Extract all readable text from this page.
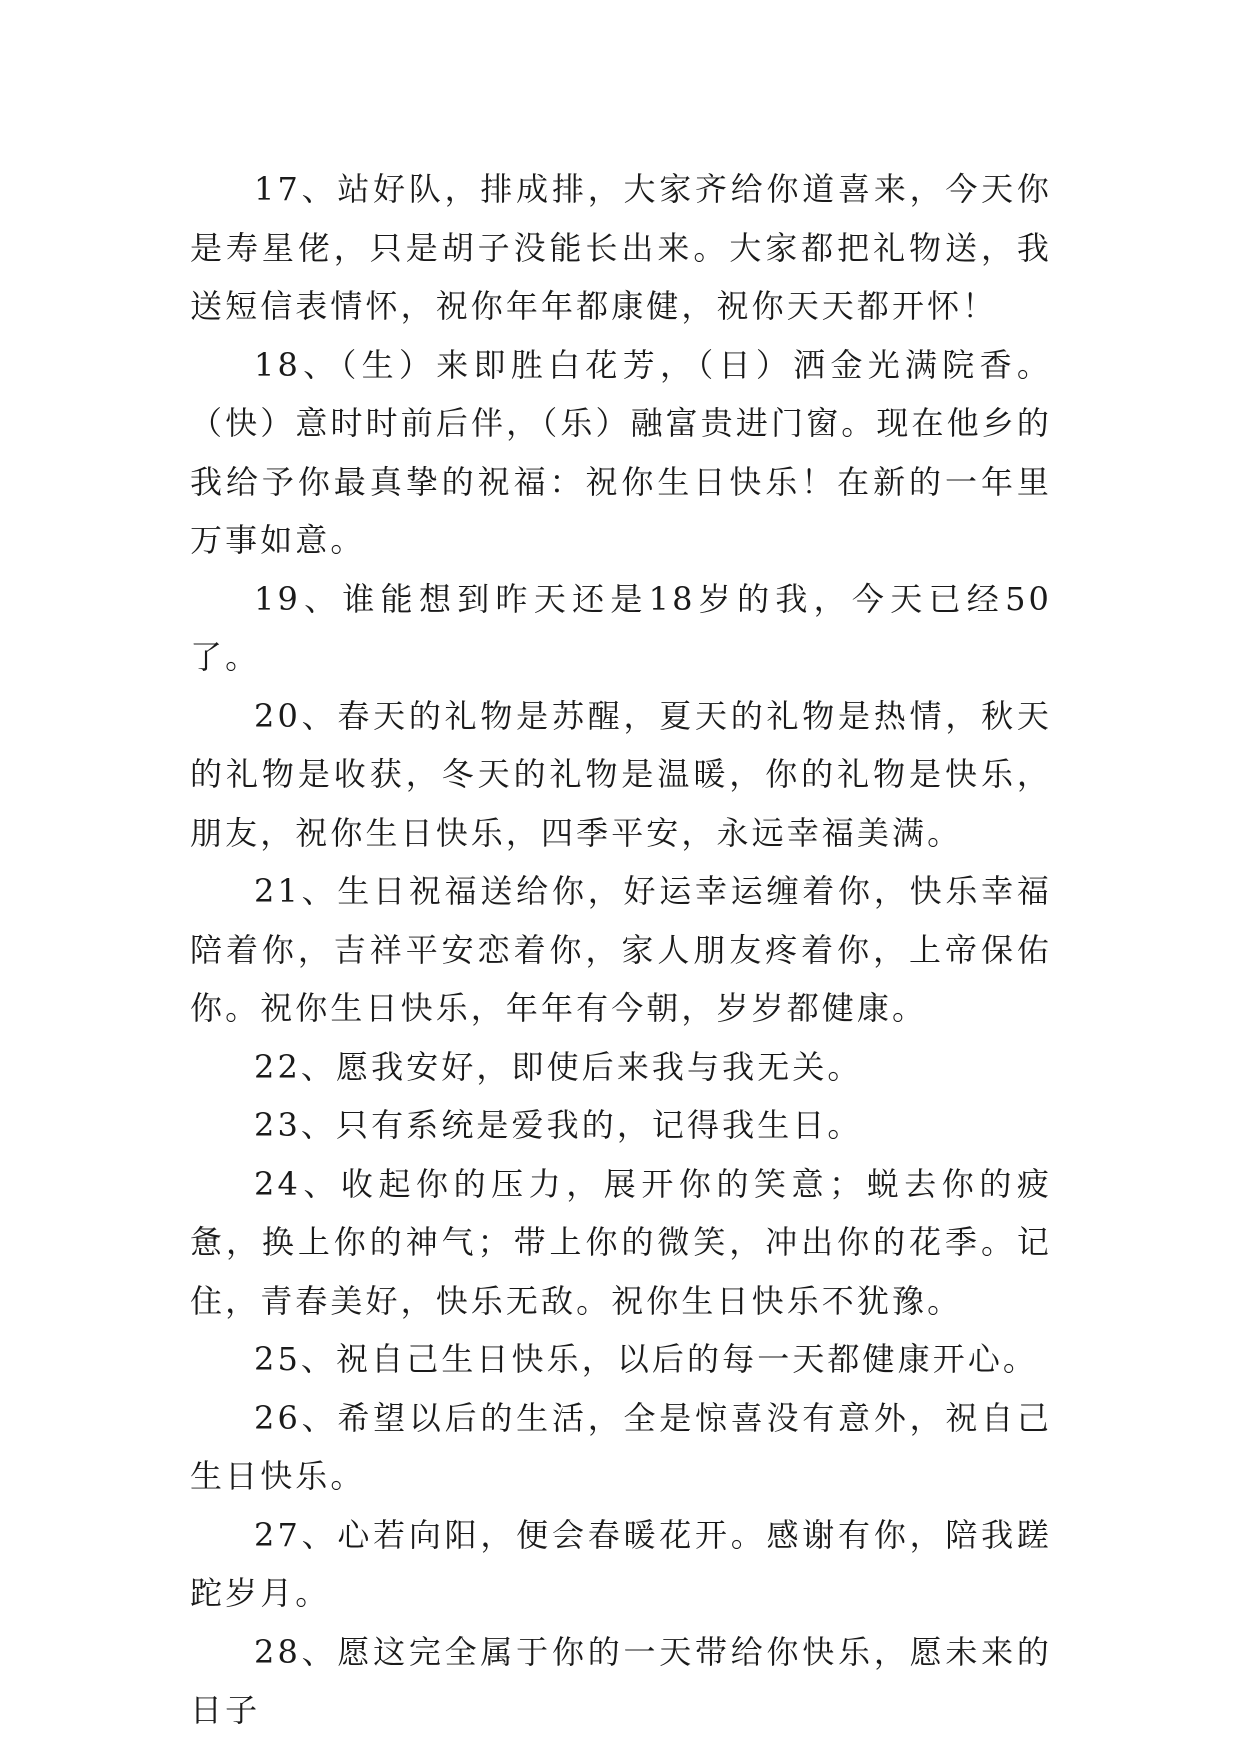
17、站好队，排成排，大家齐给你道喜来，今天你是寿星佬，只是胡子没能长出来。大家都把礼物送，我送短信表情怀，祝你年年都康健，祝你天天都开怀！

18、（生）来即胜白花芳，（日）洒金光满院香。（快）意时时前后伴，（乐）融富贵进门窗。现在他乡的我给予你最真挚的祝福：祝你生日快乐！在新的一年里万事如意。

19、谁能想到昨天还是18岁的我，今天已经50了。

20、春天的礼物是苏醒，夏天的礼物是热情，秋天的礼物是收获，冬天的礼物是温暖，你的礼物是快乐，朋友，祝你生日快乐，四季平安，永远幸福美满。

21、生日祝福送给你，好运幸运缠着你，快乐幸福陪着你，吉祥平安恋着你，家人朋友疼着你，上帝保佑你。祝你生日快乐，年年有今朝，岁岁都健康。

22、愿我安好，即使后来我与我无关。

23、只有系统是爱我的，记得我生日。

24、收起你的压力，展开你的笑意；蜕去你的疲惫，换上你的神气；带上你的微笑，冲出你的花季。记住，青春美好，快乐无敌。祝你生日快乐不犹豫。

25、祝自己生日快乐，以后的每一天都健康开心。

26、希望以后的生活，全是惊喜没有意外，祝自己生日快乐。

27、心若向阳，便会春暖花开。感谢有你，陪我蹉跎岁月。

28、愿这完全属于你的一天带给你快乐，愿未来的日子
